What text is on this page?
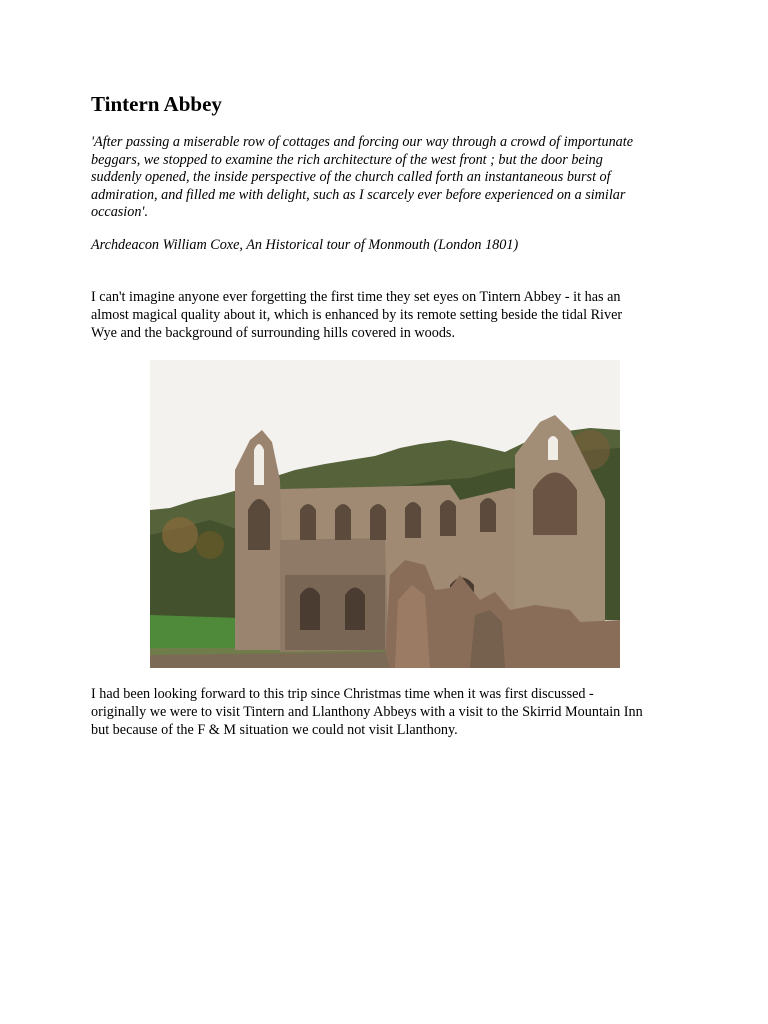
Tintern Abbey

'After passing a miserable row of cottages and forcing our way through a crowd of importunate
beggars, we stopped to examine the rich architecture of the west front ; but the door being
suddenly opened, the inside perspective of the church called forth an instantaneous burst of
admiration, and filled me with delight, such as I scarcely ever before experienced on a similar
occasion'.

Archdeacon William Coxe, An Historical tour of Monmouth (London 1801)

I can't imagine anyone ever forgetting the first time they set eyes on Tintern Abbey - it has an
almost magical quality about it, which is enhanced by its remote setting beside the tidal River
Wye and the background of surrounding hills covered in woods.

I had been looking forward to this trip since Christmas time when it was first discussed -
originally we were to visit Tintern and Llanthony Abbeys with a visit to the Skirrid Mountain Inn
but because of the F & M situation we could not visit Llanthony.
